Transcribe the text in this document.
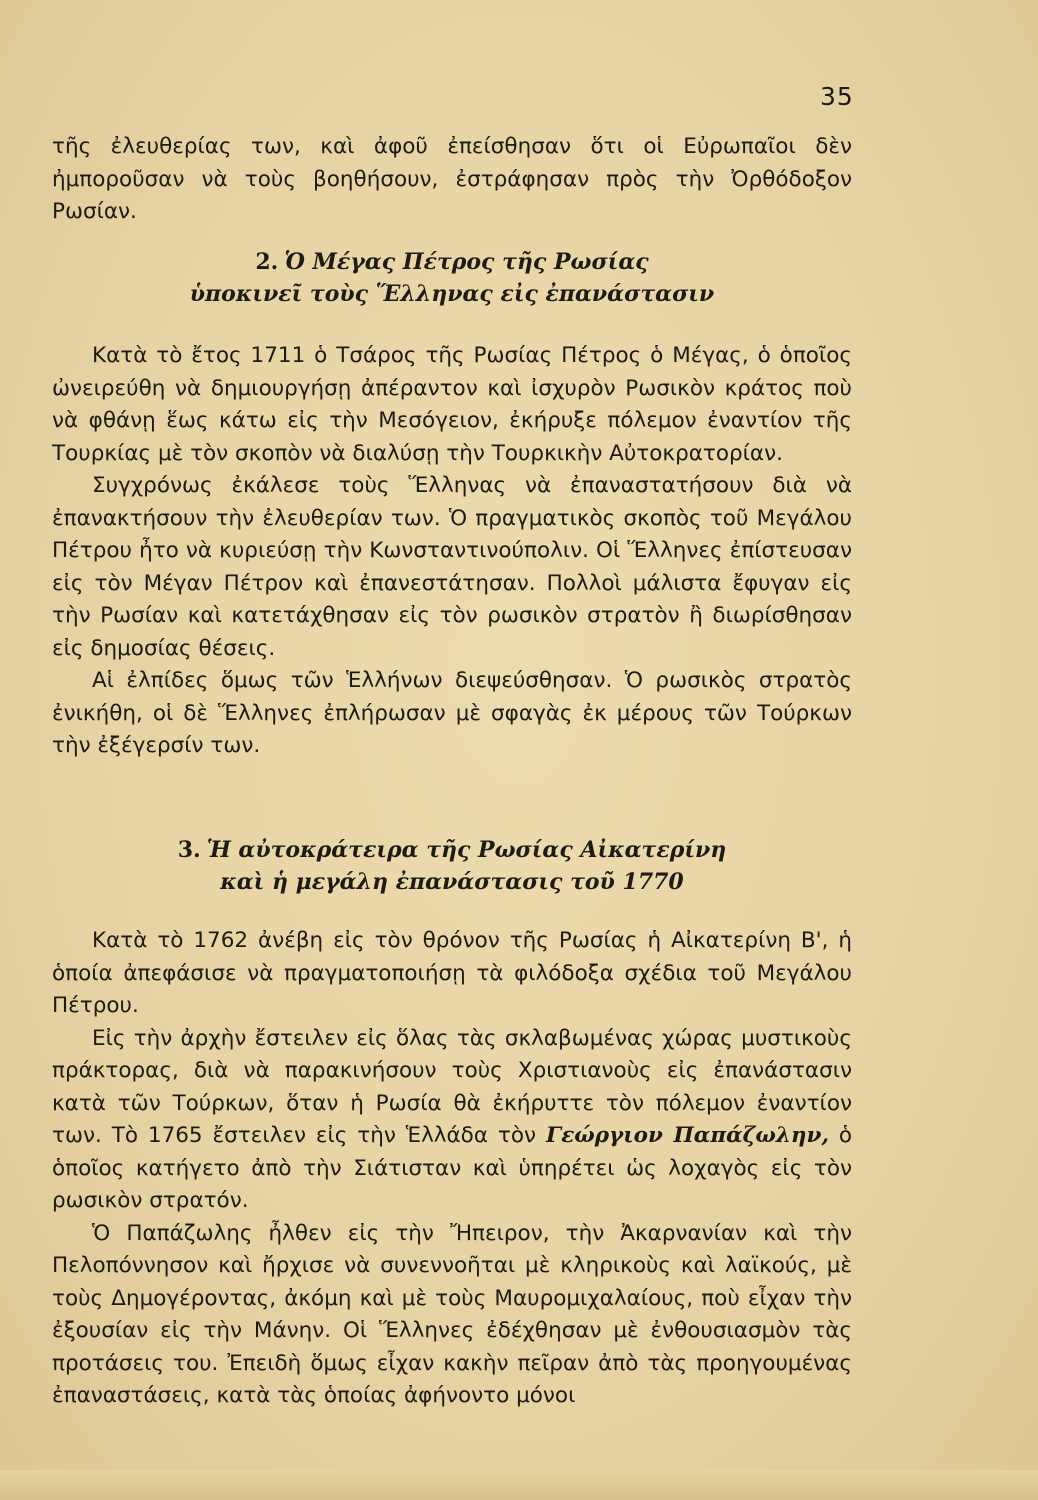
35

τῆς ἐλευθερίας των, καὶ ἀφοῦ ἐπείσθησαν ὅτι οἱ Εὐρωπαῖοι δὲν ἠμποροῦσαν νὰ τοὺς βοηθήσουν, ἐστράφησαν πρὸς τὴν Ὀρθόδοξον Ρωσίαν.

2. Ὁ Μέγας Πέτρος τῆς Ρωσίας
ὑποκινεῖ τοὺς Ἕλληνας εἰς ἐπανάστασιν

Κατὰ τὸ ἔτος 1711 ὁ Τσάρος τῆς Ρωσίας Πέτρος ὁ Μέγας, ὁ ὁποῖος ὠνειρεύθη νὰ δημιουργήσῃ ἀπέραντον καὶ ἰσχυρὸν Ρωσικὸν κράτος ποὺ νὰ φθάνῃ ἕως κάτω εἰς τὴν Μεσόγειον, ἐκήρυξε πόλεμον ἐναντίον τῆς Τουρκίας μὲ τὸν σκοπὸν νὰ διαλύσῃ τὴν Τουρκικὴν Αὐτοκρατορίαν.

Συγχρόνως ἐκάλεσε τοὺς Ἕλληνας νὰ ἐπαναστατήσουν διὰ νὰ ἐπανακτήσουν τὴν ἐλευθερίαν των. Ὁ πραγματικὸς σκοπὸς τοῦ Μεγάλου Πέτρου ἦτο νὰ κυριεύσῃ τὴν Κωνσταντινούπολιν. Οἱ Ἕλληνες ἐπίστευσαν εἰς τὸν Μέγαν Πέτρον καὶ ἐπανεστάτησαν. Πολλοὶ μάλιστα ἔφυγαν εἰς τὴν Ρωσίαν καὶ κατετάχθησαν εἰς τὸν ρωσικὸν στρατὸν ἢ διωρίσθησαν εἰς δημοσίας θέσεις.

Αἱ ἐλπίδες ὅμως τῶν Ἑλλήνων διεψεύσθησαν. Ὁ ρωσικὸς στρατὸς ἐνικήθη, οἱ δὲ Ἕλληνες ἐπλήρωσαν μὲ σφαγὰς ἐκ μέρους τῶν Τούρκων τὴν ἐξέγερσίν των.

3. Ἡ αὐτοκράτειρα τῆς Ρωσίας Αἰκατερίνη
καὶ ἡ μεγάλη ἐπανάστασις τοῦ 1770

Κατὰ τὸ 1762 ἀνέβη εἰς τὸν θρόνον τῆς Ρωσίας ἡ Αἰκατερίνη Β', ἡ ὁποία ἀπεφάσισε νὰ πραγματοποιήσῃ τὰ φιλόδοξα σχέδια τοῦ Μεγάλου Πέτρου.

Εἰς τὴν ἀρχὴν ἔστειλεν εἰς ὅλας τὰς σκλαβωμένας χώρας μυστικοὺς πράκτορας, διὰ νὰ παρακινήσουν τοὺς Χριστιανοὺς εἰς ἐπανάστασιν κατὰ τῶν Τούρκων, ὅταν ἡ Ρωσία θὰ ἐκήρυττε τὸν πόλεμον ἐναντίον των. Τὸ 1765 ἔστειλεν εἰς τὴν Ἑλλάδα τὸν Γεώργιον Παπάζωλην, ὁ ὁποῖος κατήγετο ἀπὸ τὴν Σιάτισταν καὶ ὑπηρέτει ὡς λοχαγὸς εἰς τὸν ρωσικὸν στρατόν.

Ὁ Παπάζωλης ἦλθεν εἰς τὴν Ἤπειρον, τὴν Ἀκαρνανίαν καὶ τὴν Πελοπόννησον καὶ ἤρχισε νὰ συνεννοῆται μὲ κληρικοὺς καὶ λαϊκούς, μὲ τοὺς Δημογέροντας, ἀκόμη καὶ μὲ τοὺς Μαυρομιχαλαίους, ποὺ εἶχαν τὴν ἐξουσίαν εἰς τὴν Μάνην. Οἱ Ἕλληνες ἐδέχθησαν μὲ ἐνθουσιασμὸν τὰς προτάσεις του. Ἐπειδὴ ὅμως εἶχαν κακὴν πεῖραν ἀπὸ τὰς προηγουμένας ἐπαναστάσεις, κατὰ τὰς ὁποίας ἀφήνοντο μόνοι
